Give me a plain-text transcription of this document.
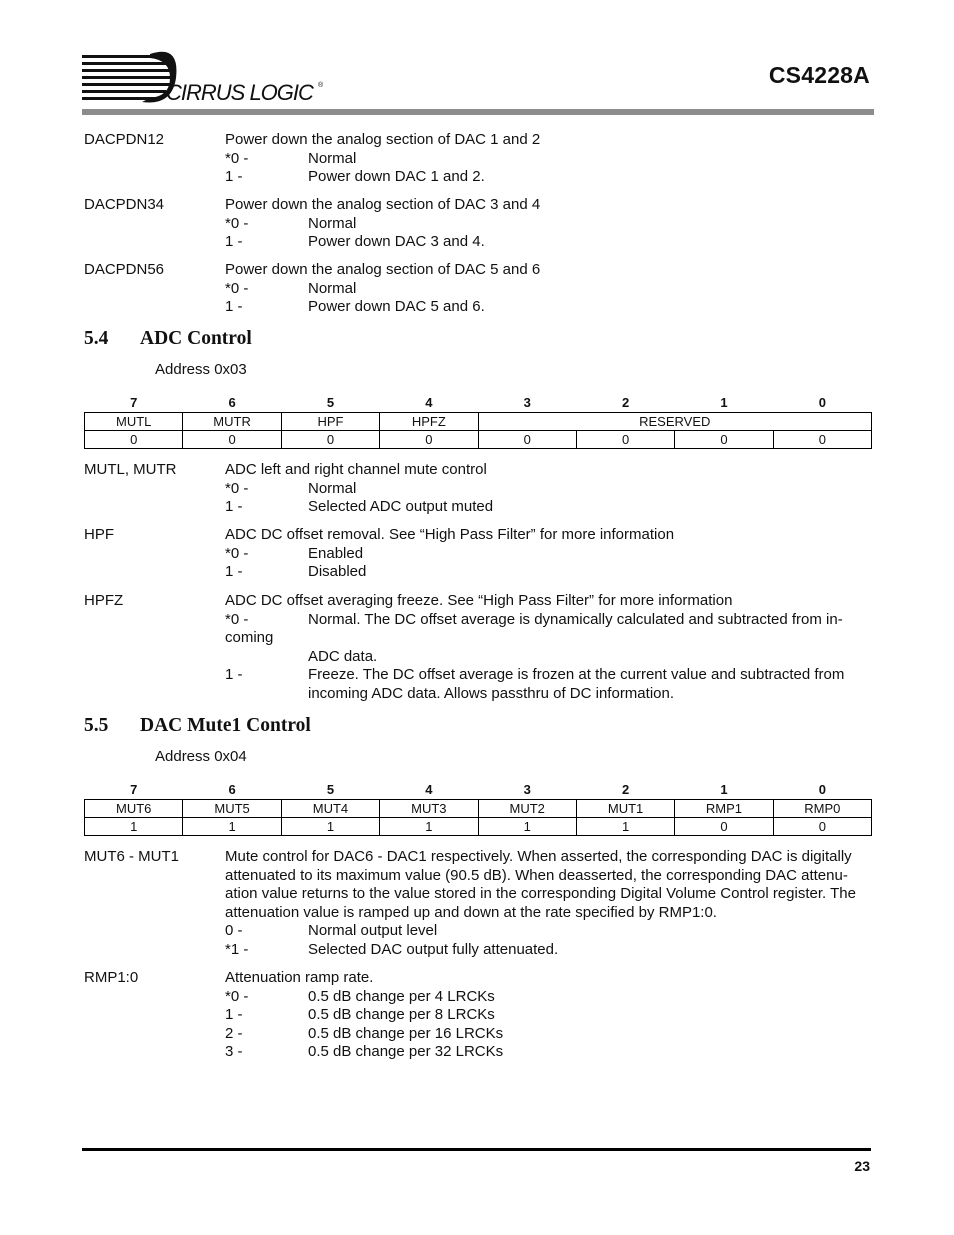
CIRRUS LOGIC ®	CS4228A
DACPDN12	Power down the analog section of DAC 1 and 2
*0 -	Normal
1 -	Power down DAC 1 and 2.
DACPDN34	Power down the analog section of DAC 3 and 4
*0 -	Normal
1 -	Power down DAC 3 and 4.
DACPDN56	Power down the analog section of DAC 5 and 6
*0 -	Normal
1 -	Power down DAC 5 and 6.
5.4 ADC Control
Address 0x03
7	6	5	4	3	2	1	0
MUTL	MUTR	HPF	HPFZ	RESERVED			
0	0	0	0	0	0	0	0
MUTL, MUTR	ADC left and right channel mute control
*0 -	Normal
1 -	Selected ADC output muted
HPF	ADC DC offset removal. See “High Pass Filter” for more information
*0 -	Enabled
1 -	Disabled
HPFZ	ADC DC offset averaging freeze. See “High Pass Filter” for more information
*0 -	Normal. The DC offset average is dynamically calculated and subtracted from in-
coming
ADC data.
1 -	Freeze. The DC offset average is frozen at the current value and subtracted from incoming ADC data. Allows passthru of DC information.
5.5 DAC Mute1 Control
Address 0x04
7	6	5	4	3	2	1	0
MUT6	MUT5	MUT4	MUT3	MUT2	MUT1	RMP1	RMP0
1	1	1	1	1	1	0	0
MUT6 - MUT1	Mute control for DAC6 - DAC1 respectively. When asserted, the corresponding DAC is digitally attenuated to its maximum value (90.5 dB). When deasserted, the corresponding DAC attenu- ation value returns to the value stored in the corresponding Digital Volume Control register. The attenuation value is ramped up and down at the rate specified by RMP1:0.
0 -	Normal output level
*1 -	Selected DAC output fully attenuated.
RMP1:0	Attenuation ramp rate.
*0 -	0.5 dB change per 4 LRCKs
1 -	0.5 dB change per 8 LRCKs
2 -	0.5 dB change per 16 LRCKs
3 -	0.5 dB change per 32 LRCKs
23
